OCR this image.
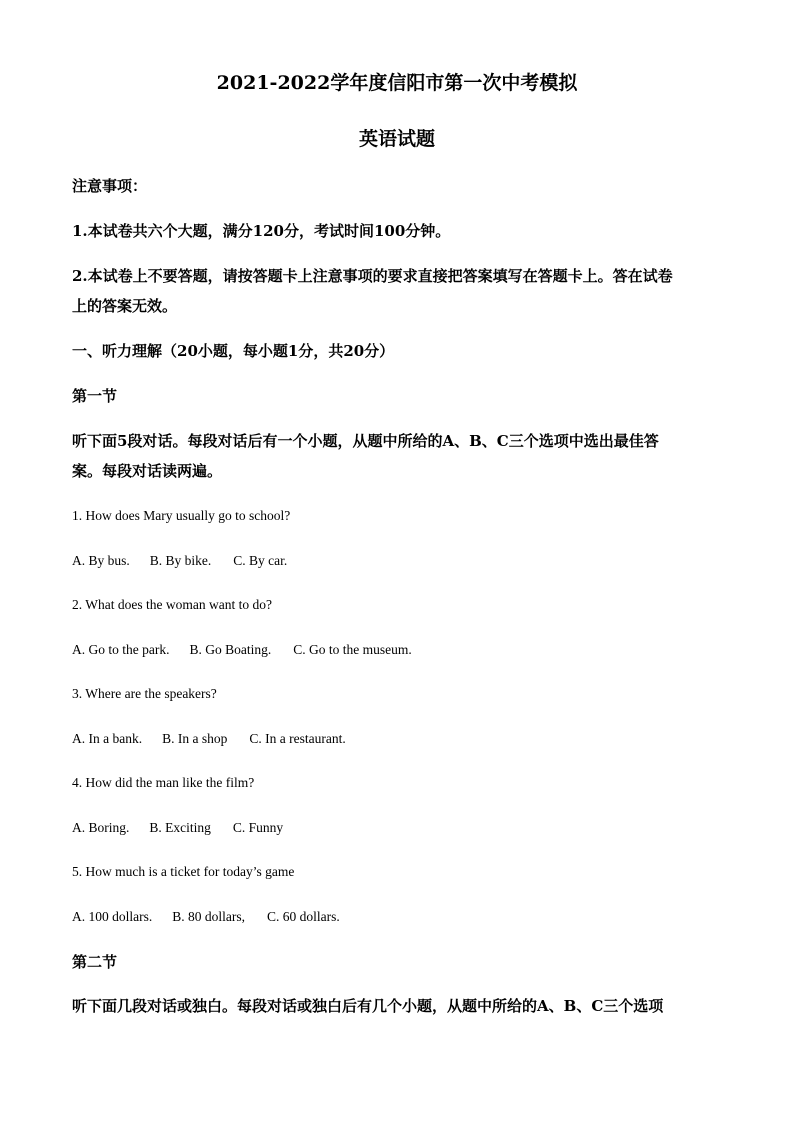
2021-2022学年度信阳市第一次中考模拟
英语试题
注意事项：
1.本试卷共六个大题，满分120分，考试时间100分钟。
2.本试卷上不要答题，请按答题卡上注意事项的要求直接把答案填写在答题卡上。答在试卷
上的答案无效。
一、听力理解（20小题，每小题1分，共20分）
第一节
听下面5段对话。每段对话后有一个小题，从题中所给的A、B、C三个选项中选出最佳答
案。每段对话读两遍。
1. How does Mary usually go to school?
A. By bus. B. By bike. C. By car.
2. What does the woman want to do?
A. Go to the park. B. Go Boating. C. Go to the museum.
3. Where are the speakers?
A. In a bank. B. In a shop C. In a restaurant.
4. How did the man like the film?
A. Boring. B. Exciting C. Funny
5. How much is a ticket for today’s game
A. 100 dollars. B. 80 dollars, C. 60 dollars.
第二节
听下面几段对话或独白。每段对话或独白后有几个小题，从题中所给的A、B、C三个选项
